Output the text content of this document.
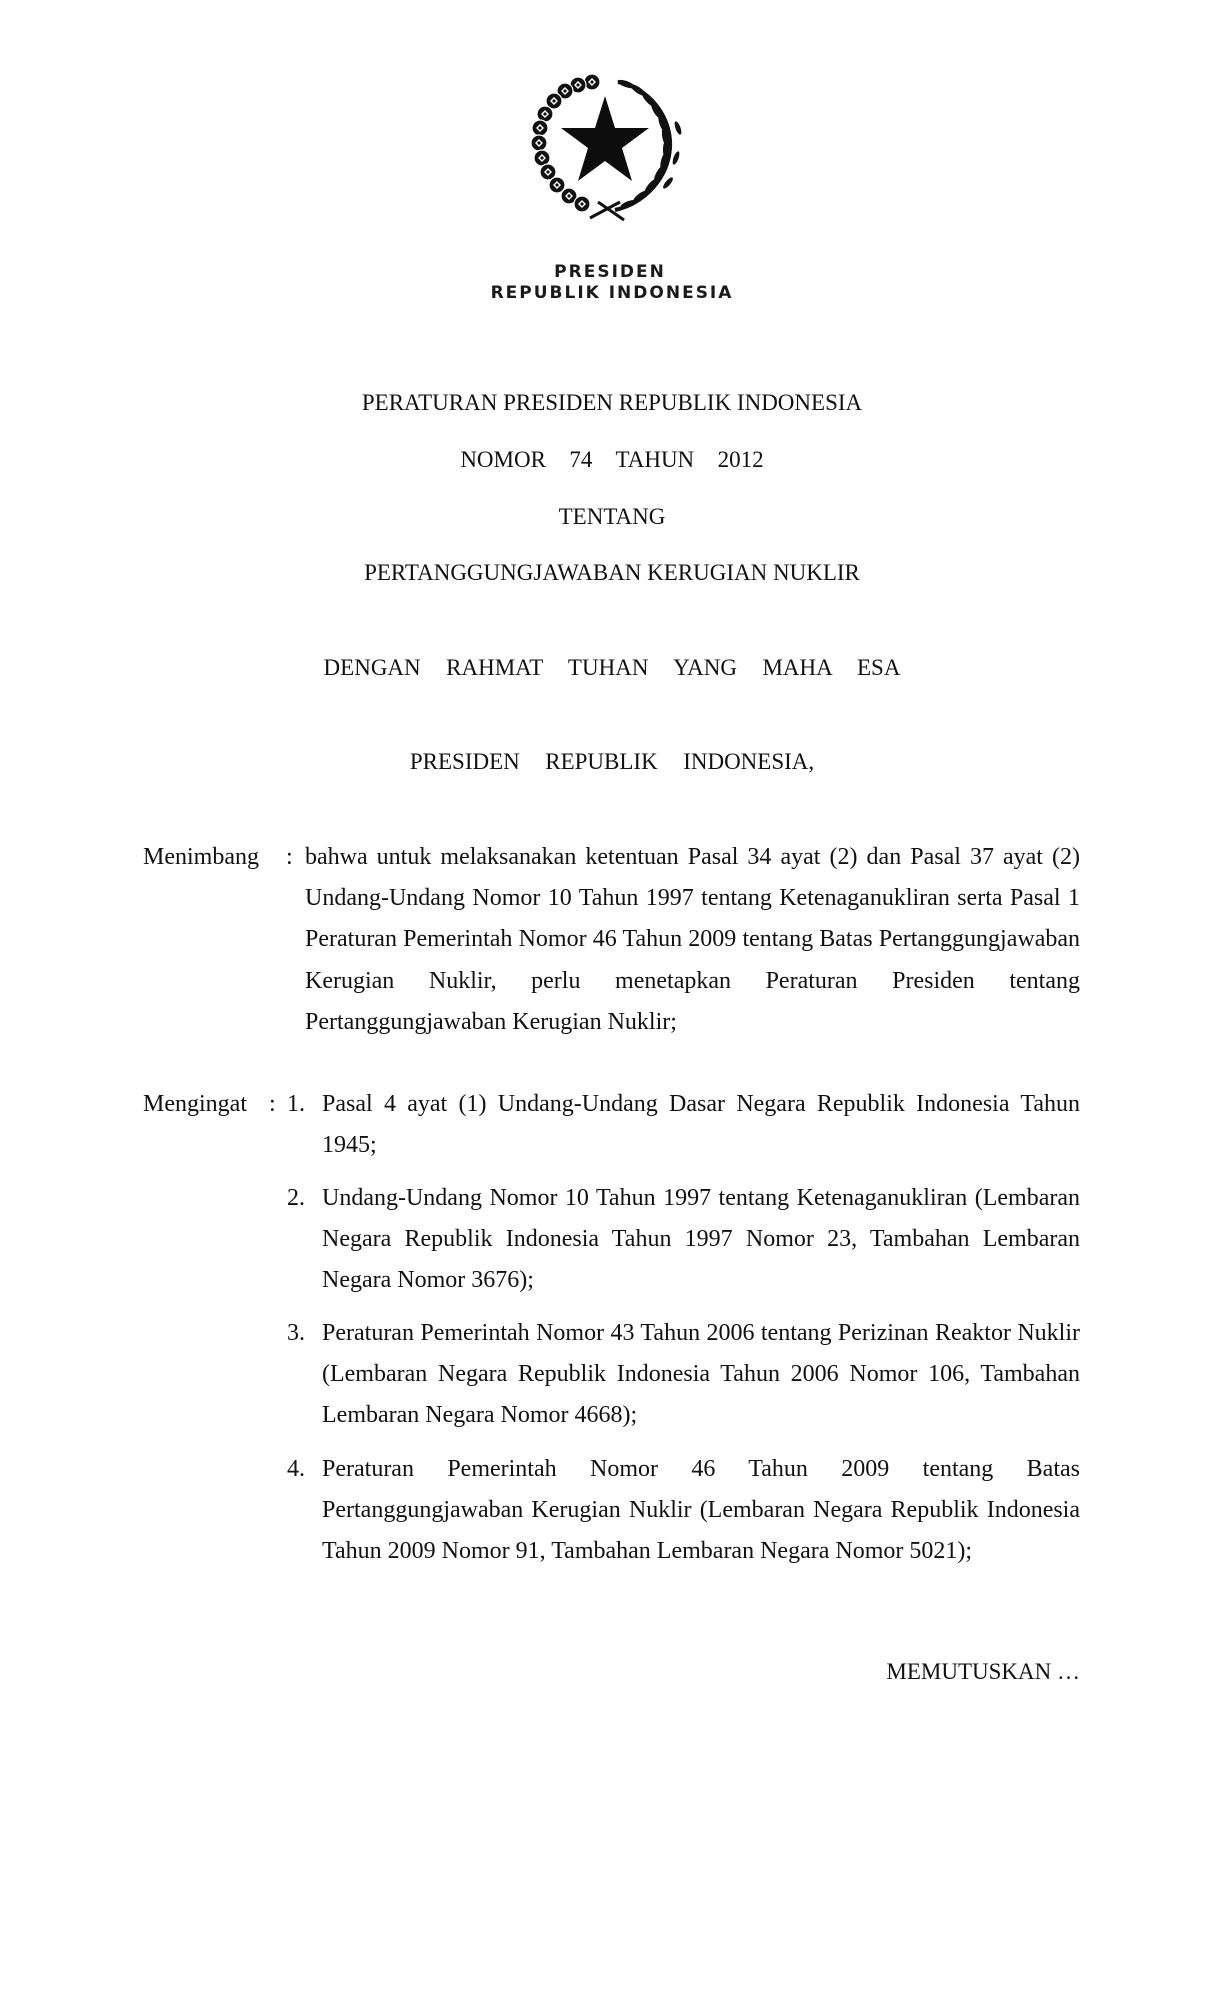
PRESIDEN
REPUBLIK INDONESIA
PERATURAN PRESIDEN REPUBLIK INDONESIA
NOMOR  74  TAHUN  2012
TENTANG
PERTANGGUNGJAWABAN KERUGIAN NUKLIR
DENGAN  RAHMAT  TUHAN  YANG  MAHA  ESA
PRESIDEN  REPUBLIK  INDONESIA,
Menimbang : bahwa untuk melaksanakan ketentuan Pasal 34 ayat (2) dan Pasal 37 ayat (2) Undang-Undang Nomor 10 Tahun 1997 tentang Ketenaganukliran serta Pasal 1 Peraturan Pemerintah Nomor 46 Tahun 2009 tentang Batas Pertanggungjawaban Kerugian Nuklir, perlu menetapkan Peraturan Presiden tentang Pertanggungjawaban Kerugian Nuklir;
Mengingat : 1. Pasal 4 ayat (1) Undang-Undang Dasar Negara Republik Indonesia Tahun 1945;
2. Undang-Undang Nomor 10 Tahun 1997 tentang Ketenaganukliran (Lembaran Negara Republik Indonesia Tahun 1997 Nomor 23, Tambahan Lembaran Negara Nomor 3676);
3. Peraturan Pemerintah Nomor 43 Tahun 2006 tentang Perizinan Reaktor Nuklir (Lembaran Negara Republik Indonesia Tahun 2006 Nomor 106, Tambahan Lembaran Negara Nomor 4668);
4. Peraturan Pemerintah Nomor 46 Tahun 2009 tentang Batas Pertanggungjawaban Kerugian Nuklir (Lembaran Negara Republik Indonesia Tahun 2009 Nomor 91, Tambahan Lembaran Negara Nomor 5021);
MEMUTUSKAN …
